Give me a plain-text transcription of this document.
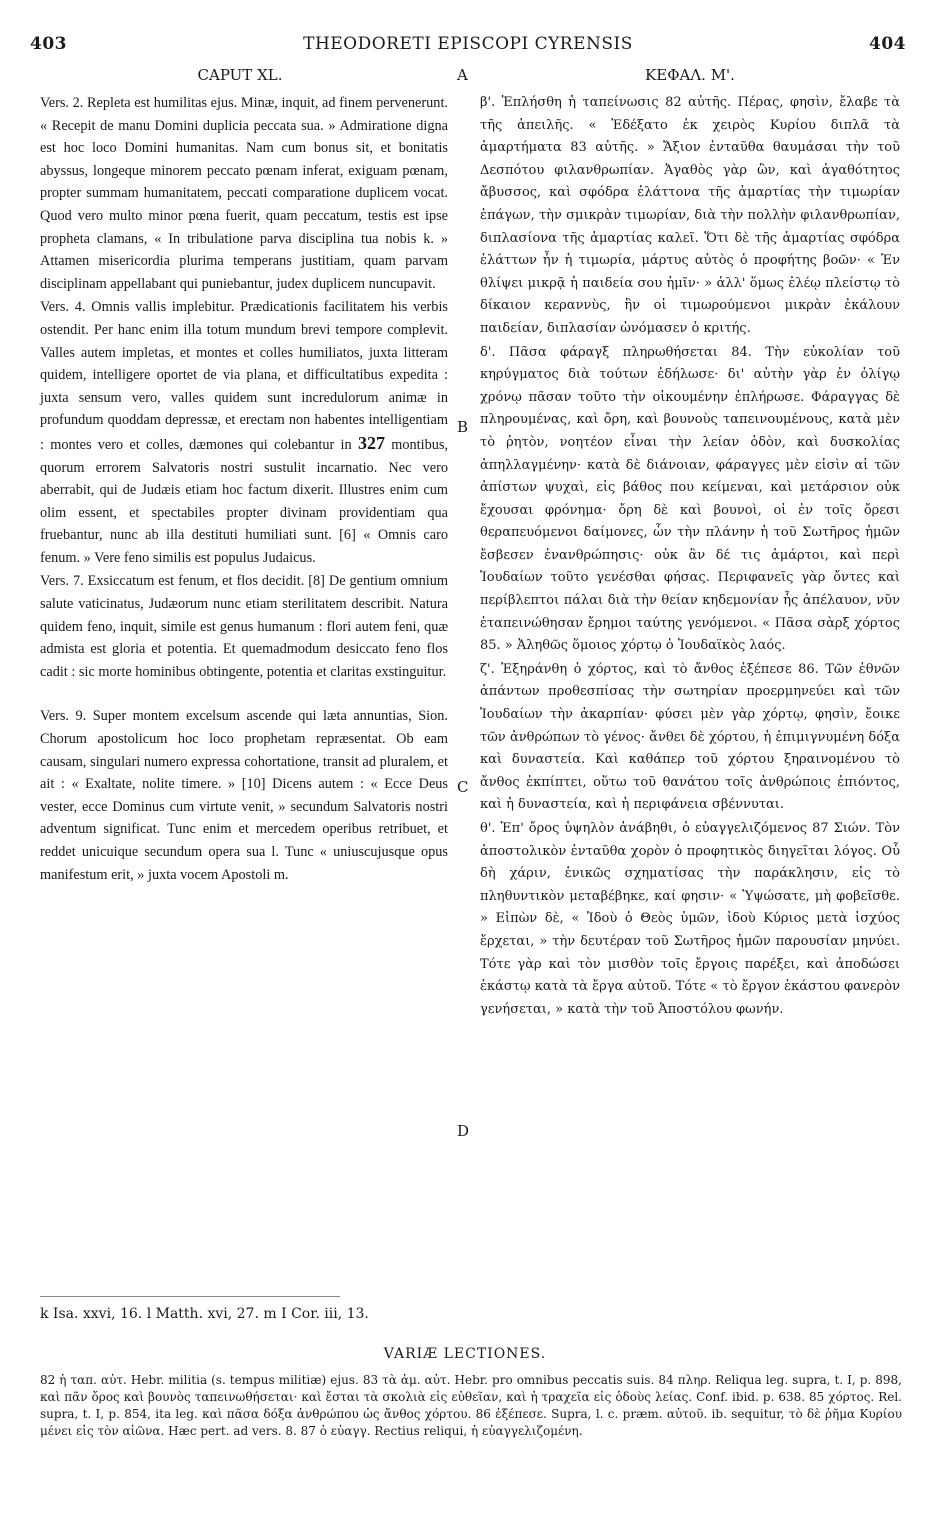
403	THEODORETI EPISCOPI CYRENSIS	404
CAPUT XL.	ΚΕΦΑΛ. Μ'.
A
B
C
D

Vers. 2. Repleta est humilitas ejus. Minæ, inquit, ad finem pervenerunt. « Recepit de manu Domini duplicia peccata sua. » Admiratione digna est hoc loco Domini humanitas. Nam cum bonus sit, et bonitatis abyssus, longeque minorem peccato pœnam inferat, exiguam pœnam, propter summam humanitatem, peccati comparatione duplicem vocat. Quod vero multo minor pœna fuerit, quam peccatum, testis est ipse propheta clamans, « In tribulatione parva disciplina tua nobis k. » Attamen misericordia plurima temperans justitiam, quam parvam disciplinam appellabant qui puniebantur, judex duplicem nuncupavit.

Vers. 4. Omnis vallis implebitur. Prædicationis facilitatem his verbis ostendit. Per hanc enim illa totum mundum brevi tempore complevit. Valles autem impletas, et montes et colles humiliatos, juxta litteram quidem, intelligere oportet de via plana, et difficultatibus expedita : juxta sensum vero, valles quidem sunt incredulorum animæ in profundum quoddam depressæ, et erectam non habentes intelligentiam : montes vero et colles, dæmones qui colebantur in 327 montibus, quorum errorem Salvatoris nostri sustulit incarnatio. Nec vero aberrabit, qui de Judæis etiam hoc factum dixerit. Illustres enim cum olim essent, et spectabiles propter divinam providentiam qua fruebantur, nunc ab illa destituti humiliati sunt. [6] « Omnis caro fenum. » Vere feno similis est populus Judaicus.

Vers. 7. Exsiccatum est fenum, et flos decidit. [8] De gentium omnium salute vaticinatus, Judæorum nunc etiam sterilitatem describit. Natura quidem feno, inquit, simile est genus humanum : flori autem feni, quæ admista est gloria et potentia. Et quemadmodum desiccato feno flos cadit : sic morte hominibus obtingente, potentia et claritas exstinguitur.

Vers. 9. Super montem excelsum ascende qui læta annuntias, Sion. Chorum apostolicum hoc loco prophetam repræsentat. Ob eam causam, singulari numero expressa cohortatione, transit ad pluralem, et ait : « Exaltate, nolite timere. » [10] Dicens autem : « Ecce Deus vester, ecce Dominus cum virtute venit, » secundum Salvatoris nostri adventum significat. Tunc enim et mercedem operibus retribuet, et reddet unicuique secundum opera sua l. Tunc « uniuscujusque opus manifestum erit, » juxta vocem Apostoli m.

β'. Ἐπλήσθη ἡ ταπείνωσις 82 αὐτῆς. Πέρας, φησὶν, ἔλαβε τὰ τῆς ἀπειλῆς. « Ἐδέξατο ἐκ χειρὸς Κυρίου διπλᾶ τὰ ἁμαρτήματα 83 αὐτῆς. » Ἄξιον ἐνταῦθα θαυμάσαι τὴν τοῦ Δεσπότου φιλανθρωπίαν. Ἀγαθὸς γὰρ ὢν, καὶ ἀγαθότητος ἄβυσσος, καὶ σφόδρα ἐλάττονα τῆς ἁμαρτίας τὴν τιμωρίαν ἐπάγων, τὴν σμικρὰν τιμωρίαν, διὰ τὴν πολλὴν φιλανθρωπίαν, διπλασίονα τῆς ἁμαρτίας καλεῖ. Ὅτι δὲ τῆς ἁμαρτίας σφόδρα ἐλάττων ἦν ἡ τιμωρία, μάρτυς αὐτὸς ὁ προφήτης βοῶν· « Ἐν θλίψει μικρᾷ ἡ παιδεία σου ἡμῖν· » ἀλλ' ὅμως ἐλέῳ πλείστῳ τὸ δίκαιον κεραννὺς, ἣν οἱ τιμωρούμενοι μικρὰν ἐκάλουν παιδείαν, διπλασίαν ὠνόμασεν ὁ κριτής.

δ'. Πᾶσα φάραγξ πληρωθήσεται 84. Τὴν εὐκολίαν τοῦ κηρύγματος διὰ τούτων ἐδήλωσε· δι' αὐτὴν γὰρ ἐν ὀλίγῳ χρόνῳ πᾶσαν τοῦτο τὴν οἰκουμένην ἐπλήρωσε. Φάραγγας δὲ πληρουμένας, καὶ ὄρη, καὶ βουνοὺς ταπεινουμένους, κατὰ μὲν τὸ ῥητὸν, νοητέον εἶναι τὴν λείαν ὁδὸν, καὶ δυσκολίας ἀπηλλαγμένην· κατὰ δὲ διάνοιαν, φάραγγες μὲν εἰσὶν αἱ τῶν ἀπίστων ψυχαὶ, εἰς βάθος που κείμεναι, καὶ μετάρσιον οὐκ ἔχουσαι φρόνημα· ὄρη δὲ καὶ βουνοὶ, οἱ ἐν τοῖς ὄρεσι θεραπευόμενοι δαίμονες, ὧν τὴν πλάνην ἡ τοῦ Σωτῆρος ἡμῶν ἔσβεσεν ἐνανθρώπησις· οὐκ ἂν δέ τις ἁμάρτοι, καὶ περὶ Ἰουδαίων τοῦτο γενέσθαι φήσας. Περιφανεῖς γὰρ ὄντες καὶ περίβλεπτοι πάλαι διὰ τὴν θείαν κηδεμονίαν ἧς ἀπέλαυον, νῦν ἐταπεινώθησαν ἔρημοι ταύτης γενόμενοι. « Πᾶσα σὰρξ χόρτος 85. » Ἀληθῶς ὅμοιος χόρτῳ ὁ Ἰουδαϊκὸς λαός.

ζ'. Ἐξηράνθη ὁ χόρτος, καὶ τὸ ἄνθος ἐξέπεσε 86. Τῶν ἐθνῶν ἁπάντων προθεσπίσας τὴν σωτηρίαν προερμηνεύει καὶ τῶν Ἰουδαίων τὴν ἀκαρπίαν· φύσει μὲν γὰρ χόρτῳ, φησὶν, ἔοικε τῶν ἀνθρώπων τὸ γένος· ἄνθει δὲ χόρτου, ἡ ἐπιμιγνυμένη δόξα καὶ δυναστεία. Καὶ καθάπερ τοῦ χόρτου ξηραινομένου τὸ ἄνθος ἐκπίπτει, οὕτω τοῦ θανάτου τοῖς ἀνθρώποις ἐπιόντος, καὶ ἡ δυναστεία, καὶ ἡ περιφάνεια σβέννυται.

θ'. Ἐπ' ὄρος ὑψηλὸν ἀνάβηθι, ὁ εὐαγγελιζόμενος 87 Σιών. Τὸν ἀποστολικὸν ἐνταῦθα χορὸν ὁ προφητικὸς διηγεῖται λόγος. Οὗ δὴ χάριν, ἑνικῶς σχηματίσας τὴν παράκλησιν, εἰς τὸ πληθυντικὸν μεταβέβηκε, καί φησιν· « Ὑψώσατε, μὴ φοβεῖσθε. » Εἰπὼν δὲ, « Ἰδοὺ ὁ Θεὸς ὑμῶν, ἰδοὺ Κύριος μετὰ ἰσχύος ἔρχεται, » τὴν δευτέραν τοῦ Σωτῆρος ἡμῶν παρουσίαν μηνύει. Τότε γὰρ καὶ τὸν μισθὸν τοῖς ἔργοις παρέξει, καὶ ἀποδώσει ἑκάστῳ κατὰ τὰ ἔργα αὐτοῦ. Τότε « τὸ ἔργον ἑκάστου φανερὸν γενήσεται, » κατὰ τὴν τοῦ Ἀποστόλου φωνήν.

k Isa. xxvi, 16. l Matth. xvi, 27. m I Cor. iii, 13.
VARIÆ LECTIONES.

82 ἡ ταπ. αὐτ. Hebr. militia (s. tempus militiæ) ejus. 83 τὰ ἁμ. αὐτ. Hebr. pro omnibus peccatis suis. 84 πληρ. Reliqua leg. supra, t. I, p. 898, καὶ πᾶν ὄρος καὶ βουνὸς ταπεινωθήσεται· καὶ ἔσται τὰ σκολιὰ εἰς εὐθεῖαν, καὶ ἡ τραχεῖα εἰς ὁδοὺς λείας. Conf. ibid. p. 638. 85 χόρτος. Rel. supra, t. I, p. 854, ita leg. καὶ πᾶσα δόξα ἀνθρώπου ὡς ἄνθος χόρτου. 86 ἐξέπεσε. Supra, l. c. præm. αὐτοῦ. ib. sequitur, τὸ δὲ ῥῆμα Κυρίου μένει εἰς τὸν αἰῶνα. Hæc pert. ad vers. 8. 87 ὁ εὐαγγ. Rectius reliqui, ἡ εὐαγγελιζομένη.
